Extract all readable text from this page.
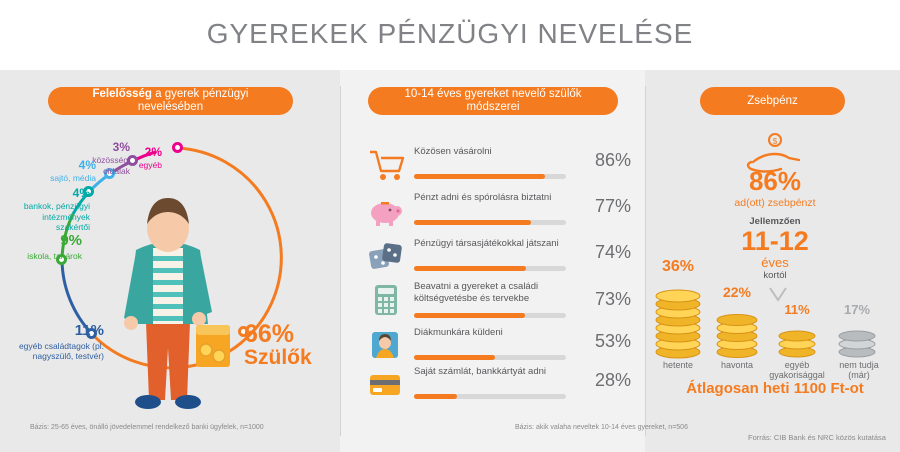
GYEREKEK PÉNZÜGYI NEVELÉSE
Felelősség a gyerek pénzügyi nevelésében
10-14 éves gyereket nevelő szülők módszerei
Zsebpénz
2%
egyéb
3%
közösségi oldalak
4%
sajtó, média
4%
bankok, pénzügyi intézmények szakértői
9%
iskola, tanárok
11%
egyéb családtagok (pl. nagyszülő, testvér)
66%
Szülők
Bázis: 25-65 éves, önálló jövedelemmel rendelkező banki ügyfelek, n=1000
Közösen vásárolni	86%
Pénzt adni és spórolásra biztatni	77%
Pénzügyi társasjátékokkal játszani	74%
Beavatni a gyereket a családi költségvetésbe és tervekbe	73%
Diákmunkára küldeni	53%
Saját számlát, bankkártyát adni	28%
Bázis: akik valaha neveltek 10-14 éves gyereket, n=506
$
86%
ad(ott) zsebpénzt
Jellemzően
11-12
éves
kortól
36%
22%
11%	17%
hetente	havonta	egyéb gyakorisággal
nem tudja (már)
Átlagosan heti 1100 Ft-ot
Forrás: CIB Bank és NRC közös kutatása
